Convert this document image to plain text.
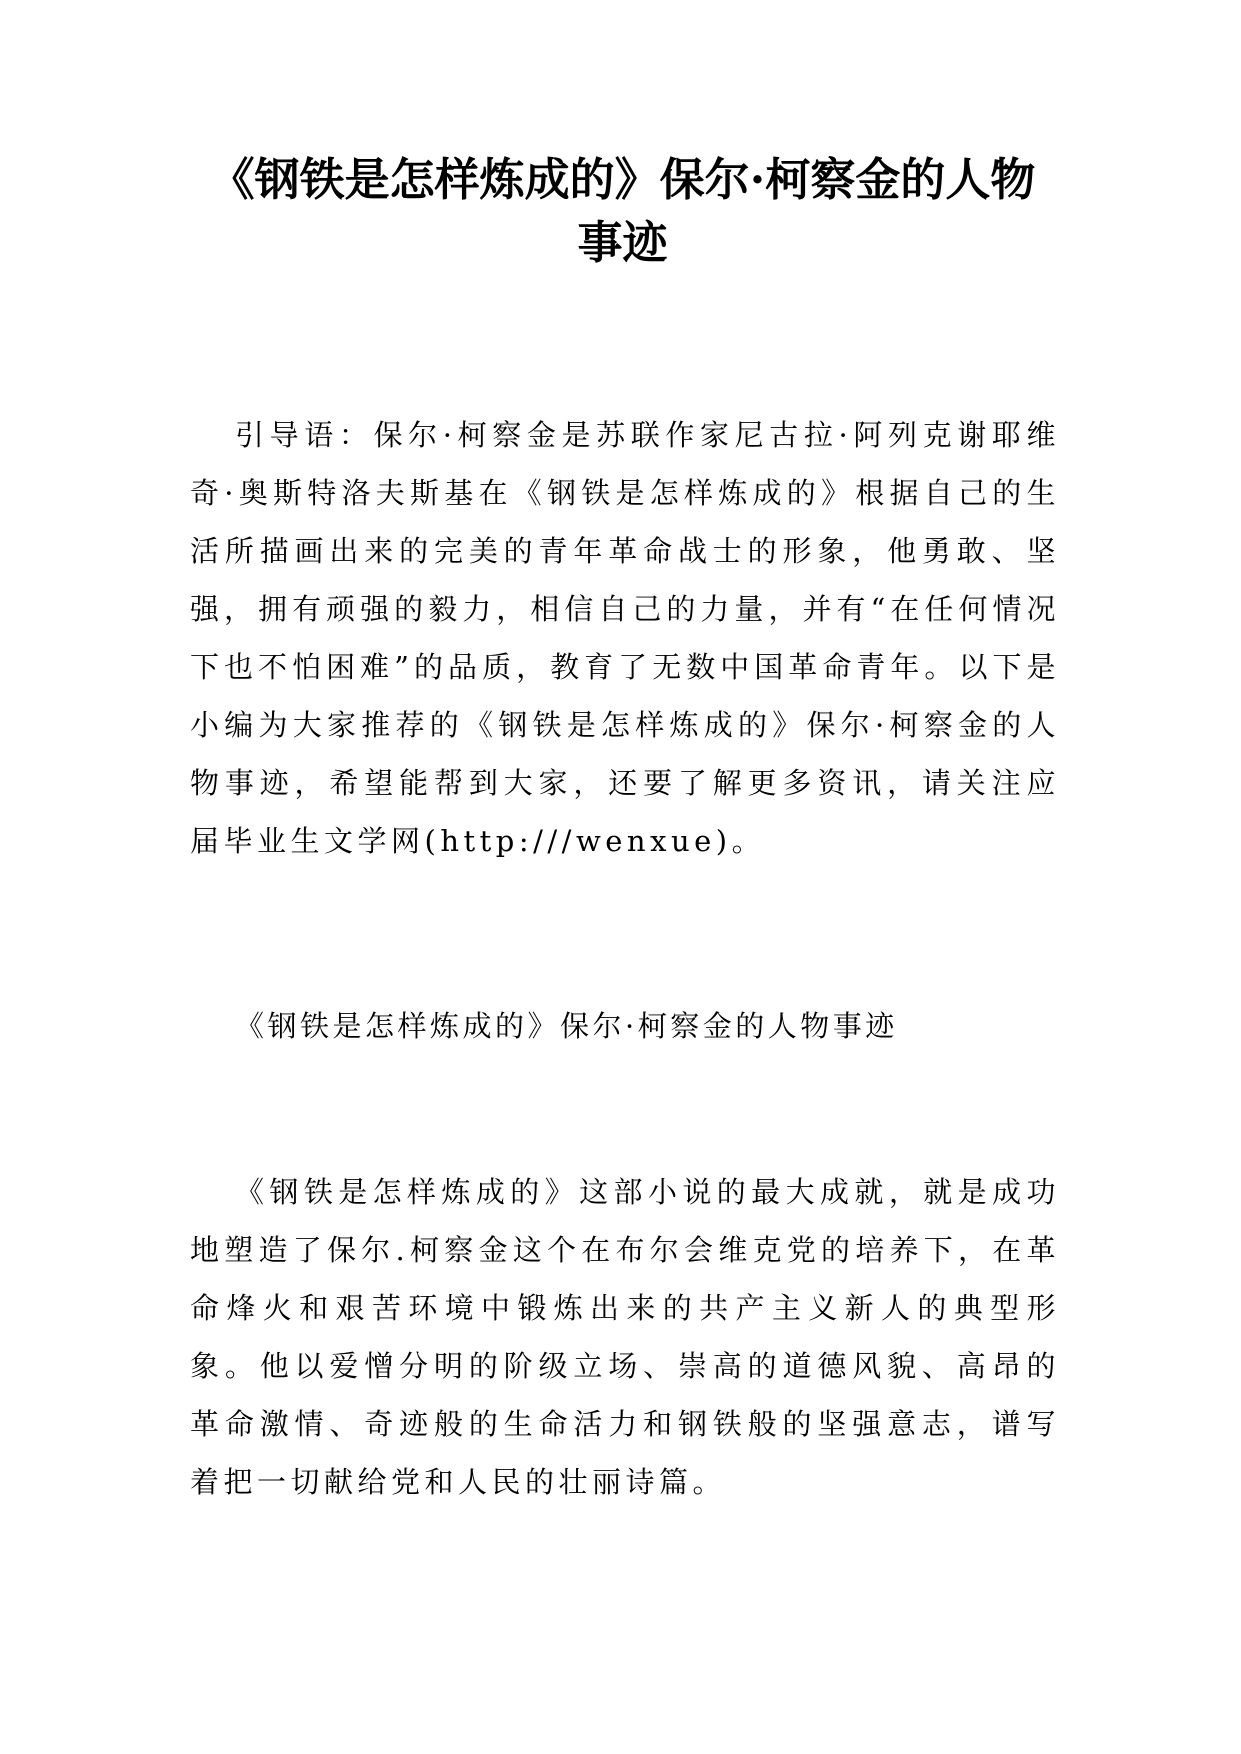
《钢铁是怎样炼成的》保尔·柯察金的人物事迹

引导语：保尔·柯察金是苏联作家尼古拉·阿列克谢耶维奇·奥斯特洛夫斯基在《钢铁是怎样炼成的》根据自己的生活所描画出来的完美的青年革命战士的形象，他勇敢、坚强，拥有顽强的毅力，相信自己的力量，并有“在任何情况下也不怕困难”的品质，教育了无数中国革命青年。以下是小编为大家推荐的《钢铁是怎样炼成的》保尔·柯察金的人物事迹，希望能帮到大家，还要了解更多资讯，请关注应届毕业生文学网(http:///wenxue)。

《钢铁是怎样炼成的》保尔·柯察金的人物事迹

《钢铁是怎样炼成的》这部小说的最大成就，就是成功地塑造了保尔.柯察金这个在布尔会维克党的培养下，在革命烽火和艰苦环境中锻炼出来的共产主义新人的典型形象。他以爱憎分明的阶级立场、崇高的道德风貌、高昂的革命激情、奇迹般的生命活力和钢铁般的坚强意志，谱写着把一切献给党和人民的壮丽诗篇。
